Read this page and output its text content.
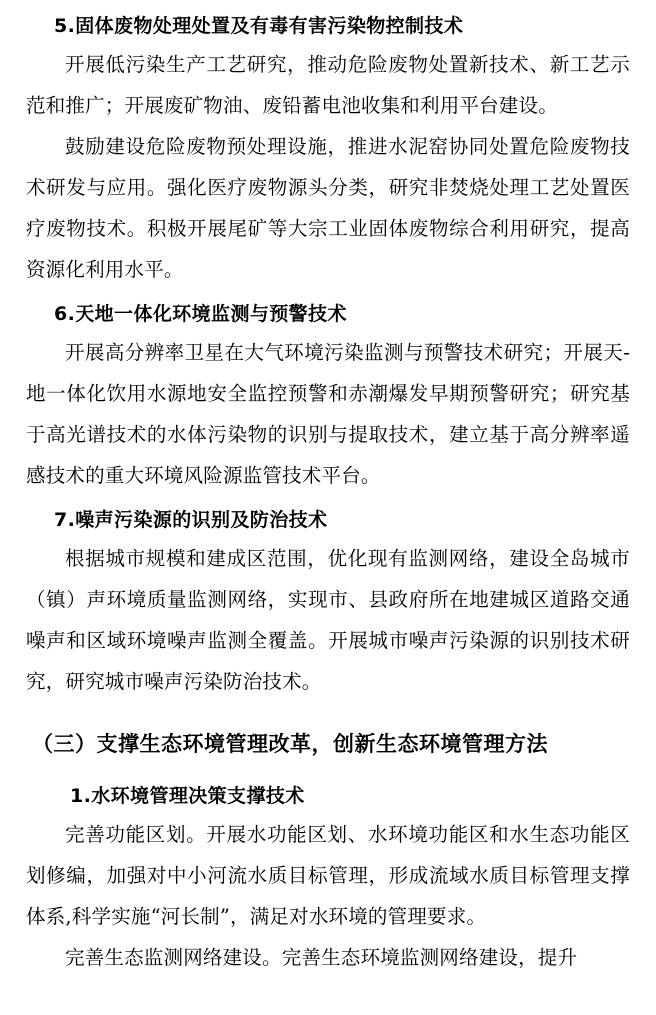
5.固体废物处理处置及有毒有害污染物控制技术

开展低污染生产工艺研究，推动危险废物处置新技术、新工艺示范和推广；开展废矿物油、废铅蓄电池收集和利用平台建设。

鼓励建设危险废物预处理设施，推进水泥窑协同处置危险废物技术研发与应用。强化医疗废物源头分类，研究非焚烧处理工艺处置医疗废物技术。积极开展尾矿等大宗工业固体废物综合利用研究，提高资源化利用水平。

6.天地一体化环境监测与预警技术

开展高分辨率卫星在大气环境污染监测与预警技术研究；开展天-地一体化饮用水源地安全监控预警和赤潮爆发早期预警研究；研究基于高光谱技术的水体污染物的识别与提取技术，建立基于高分辨率遥感技术的重大环境风险源监管技术平台。

7.噪声污染源的识别及防治技术

根据城市规模和建成区范围，优化现有监测网络，建设全岛城市（镇）声环境质量监测网络，实现市、县政府所在地建城区道路交通噪声和区域环境噪声监测全覆盖。开展城市噪声污染源的识别技术研究，研究城市噪声污染防治技术。

（三）支撑生态环境管理改革，创新生态环境管理方法
1.水环境管理决策支撑技术

完善功能区划。开展水功能区划、水环境功能区和水生态功能区划修编，加强对中小河流水质目标管理，形成流域水质目标管理支撑体系,科学实施“河长制”，满足对水环境的管理要求。

完善生态监测网络建设。完善生态环境监测网络建设，提升
